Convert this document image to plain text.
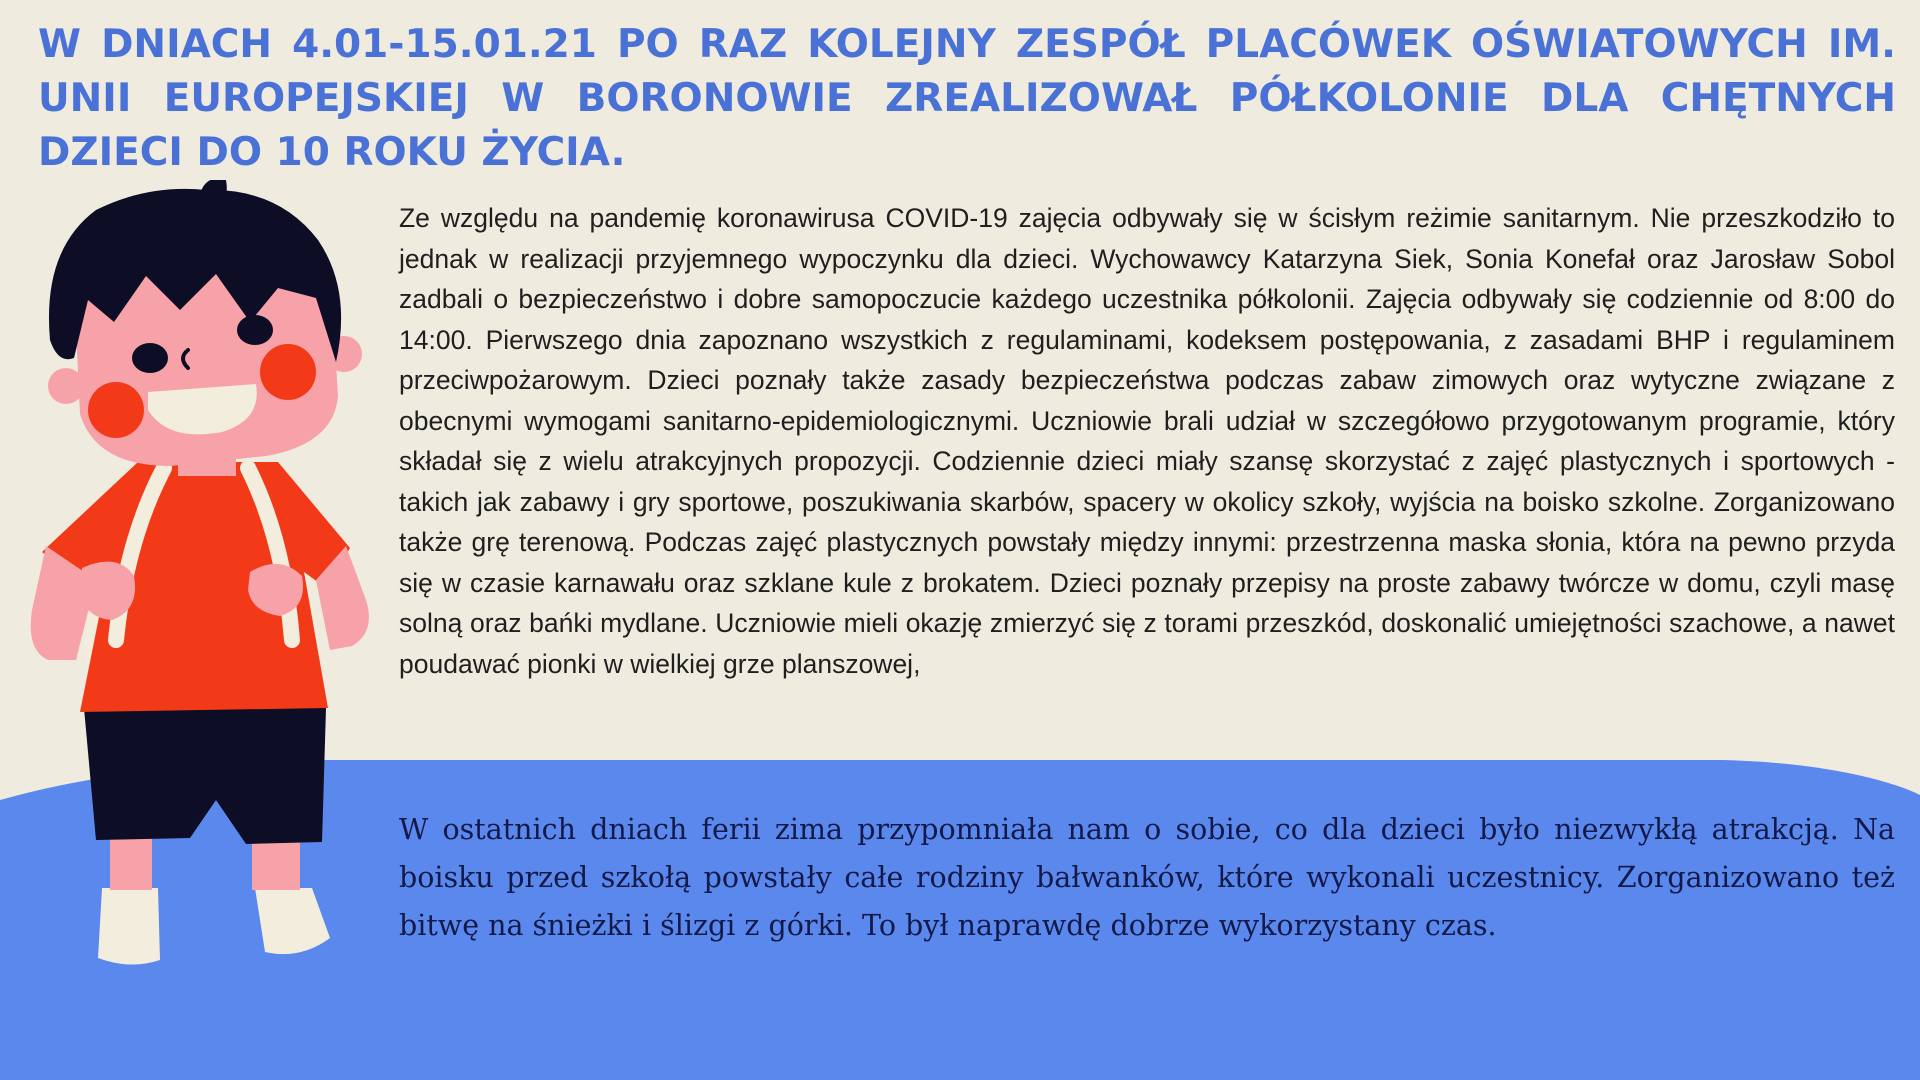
W DNIACH 4.01-15.01.21 PO RAZ KOLEJNY ZESPÓŁ PLACÓWEK OŚWIATOWYCH IM. UNII EUROPEJSKIEJ W BORONOWIE ZREALIZOWAŁ PÓŁKOLONIE DLA CHĘTNYCH DZIECI DO 10 ROKU ŻYCIA.

Ze względu na pandemię koronawirusa COVID-19 zajęcia odbywały się w ścisłym reżimie sanitarnym. Nie przeszkodziło to jednak w realizacji przyjemnego wypoczynku dla dzieci. Wychowawcy Katarzyna Siek, Sonia Konefał oraz Jarosław Sobol zadbali o bezpieczeństwo i dobre samopoczucie każdego uczestnika półkolonii. Zajęcia odbywały się codziennie od 8:00 do 14:00. Pierwszego dnia zapoznano wszystkich z regulaminami, kodeksem postępowania, z zasadami BHP i regulaminem przeciwpożarowym. Dzieci poznały także zasady bezpieczeństwa podczas zabaw zimowych oraz wytyczne związane z obecnymi wymogami sanitarno-epidemiologicznymi. Uczniowie brali udział w szczegółowo przygotowanym programie, który składał się z wielu atrakcyjnych propozycji. Codziennie dzieci miały szansę skorzystać z zajęć plastycznych i sportowych - takich jak zabawy i gry sportowe, poszukiwania skarbów, spacery w okolicy szkoły, wyjścia na boisko szkolne. Zorganizowano także grę terenową. Podczas zajęć plastycznych powstały między innymi: przestrzenna maska słonia, która na pewno przyda się w czasie karnawału oraz szklane kule z brokatem. Dzieci poznały przepisy na proste zabawy twórcze w domu, czyli masę solną oraz bańki mydlane. Uczniowie mieli okazję zmierzyć się z torami przeszkód, doskonalić umiejętności szachowe, a nawet poudawać pionki w wielkiej grze planszowej,

W ostatnich dniach ferii zima przypomniała nam o sobie, co dla dzieci było niezwykłą atrakcją. Na boisku przed szkołą powstały całe rodziny bałwanków, które wykonali uczestnicy. Zorganizowano też bitwę na śnieżki i ślizgi z górki. To był naprawdę dobrze wykorzystany czas.
